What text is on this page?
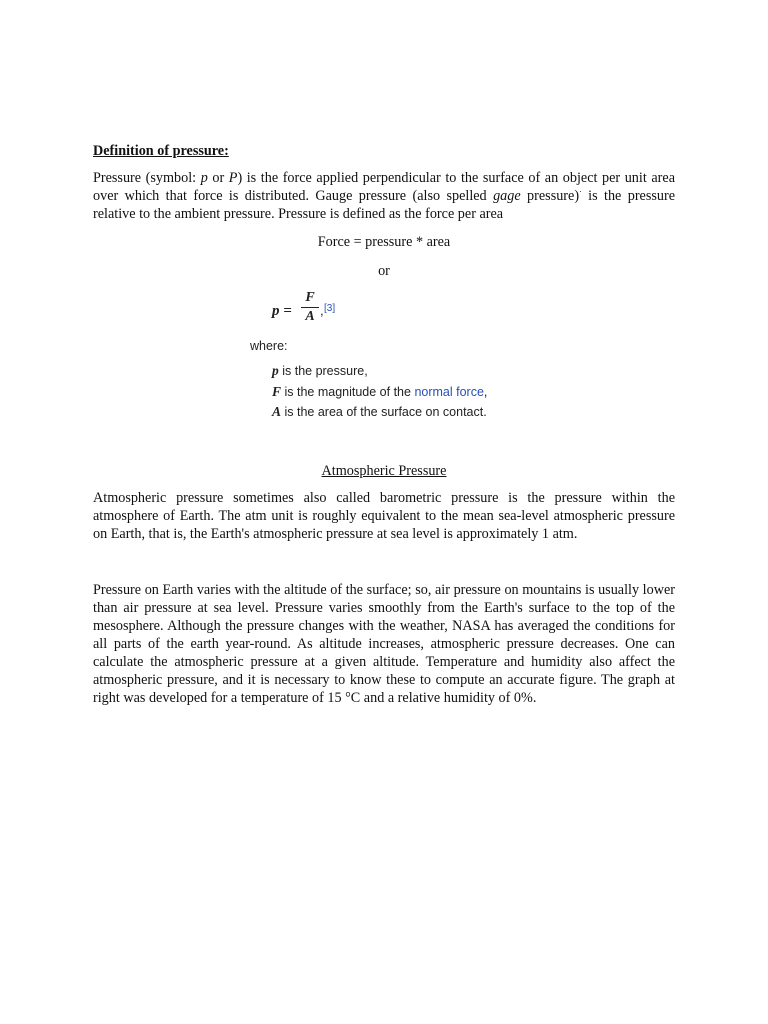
Definition of pressure:
Pressure (symbol: p or P) is the force applied perpendicular to the surface of an object per unit area over which that force is distributed. Gauge pressure (also spelled gage pressure)· is the pressure relative to the ambient pressure. Pressure is defined as the force per area
Force = pressure * area
or
p =
F
A , [3]
where:
p is the pressure,
F is the magnitude of the normal force,
A is the area of the surface on contact.
Atmospheric Pressure
Atmospheric pressure sometimes also called barometric pressure is the pressure within the atmosphere of Earth. The atm unit is roughly equivalent to the mean sea-level atmospheric pressure on Earth, that is, the Earth's atmospheric pressure at sea level is approximately 1 atm.
Pressure on Earth varies with the altitude of the surface; so, air pressure on mountains is usually lower than air pressure at sea level. Pressure varies smoothly from the Earth's surface to the top of the mesosphere. Although the pressure changes with the weather, NASA has averaged the conditions for all parts of the earth year-round. As altitude increases, atmospheric pressure decreases. One can calculate the atmospheric pressure at a given altitude. Temperature and humidity also affect the atmospheric pressure, and it is necessary to know these to compute an accurate figure. The graph at right was developed for a temperature of 15 °C and a relative humidity of 0%.
